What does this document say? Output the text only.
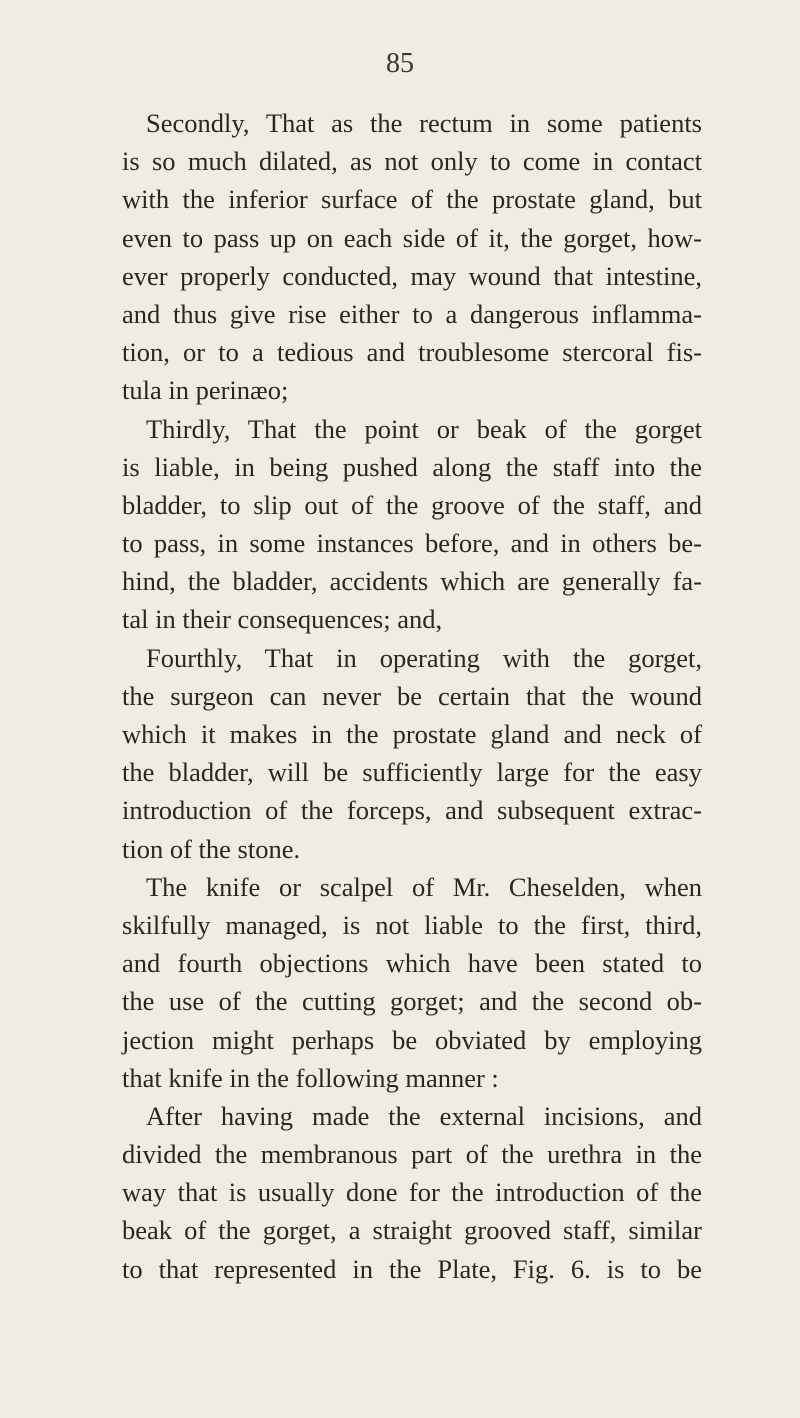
85
Secondly, That as the rectum in some patients
is so much dilated, as not only to come in contact
with the inferior surface of the prostate gland, but
even to pass up on each side of it, the gorget, how-
ever properly conducted, may wound that intestine,
and thus give rise either to a dangerous inflamma-
tion, or to a tedious and troublesome stercoral fis-
tula in perinæo;
Thirdly, That the point or beak of the gorget
is liable, in being pushed along the staff into the
bladder, to slip out of the groove of the staff, and
to pass, in some instances before, and in others be-
hind, the bladder, accidents which are generally fa-
tal in their consequences; and,
Fourthly, That in operating with the gorget,
the surgeon can never be certain that the wound
which it makes in the prostate gland and neck of
the bladder, will be sufficiently large for the easy
introduction of the forceps, and subsequent extrac-
tion of the stone.
The knife or scalpel of Mr. Cheselden, when
skilfully managed, is not liable to the first, third,
and fourth objections which have been stated to
the use of the cutting gorget; and the second ob-
jection might perhaps be obviated by employing
that knife in the following manner :
After having made the external incisions, and
divided the membranous part of the urethra in the
way that is usually done for the introduction of the
beak of the gorget, a straight grooved staff, similar
to that represented in the Plate, Fig. 6. is to be
